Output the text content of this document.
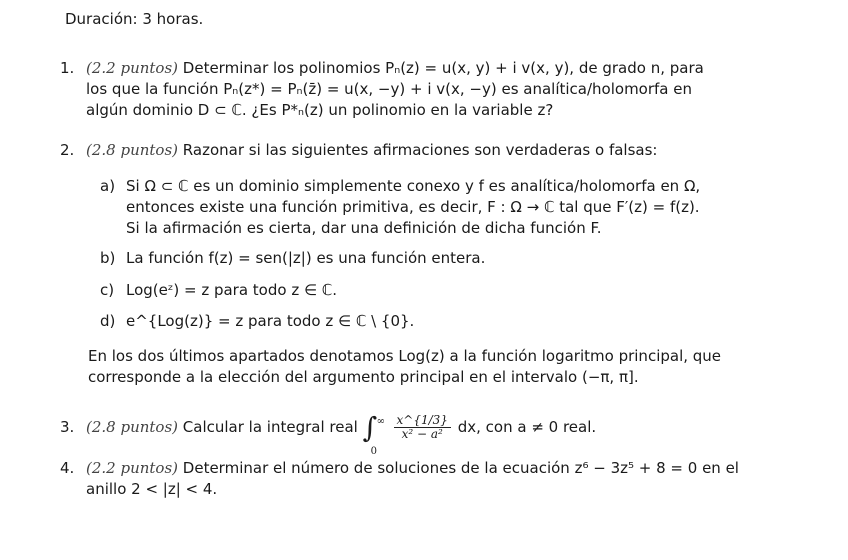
Duración: 3 horas.
1. (2.2 puntos) Determinar los polinomios Pₙ(z) = u(x, y) + i v(x, y), de grado n, para
los que la función Pₙ(z*) = Pₙ(z̄) = u(x, −y) + i v(x, −y) es analítica/holomorfa en
algún dominio D ⊂ ℂ. ¿Es P*ₙ(z) un polinomio en la variable z?
2. (2.8 puntos) Razonar si las siguientes afirmaciones son verdaderas o falsas:
a) Si Ω ⊂ ℂ es un dominio simplemente conexo y f es analítica/holomorfa en Ω,
entonces existe una función primitiva, es decir, F : Ω → ℂ tal que F′(z) = f(z).
Si la afirmación es cierta, dar una definición de dicha función F.
b) La función f(z) = sen(|z|) es una función entera.
c) Log(eᶻ) = z para todo z ∈ ℂ.
d) e^{Log(z)} = z para todo z ∈ ℂ \ {0}.
En los dos últimos apartados denotamos Log(z) a la función logaritmo principal, que
corresponde a la elección del argumento principal en el intervalo (−π, π].
3. (2.8 puntos) Calcular la integral real ∫ ∞
0

$\frac{x\^{}\{1/3\}}{\text{x² − a²}}$ dx, con a ≠ 0 real.
4. (2.2 puntos) Determinar el número de soluciones de la ecuación z⁶ − 3z⁵ + 8 = 0 en el
anillo 2 < |z| < 4.
